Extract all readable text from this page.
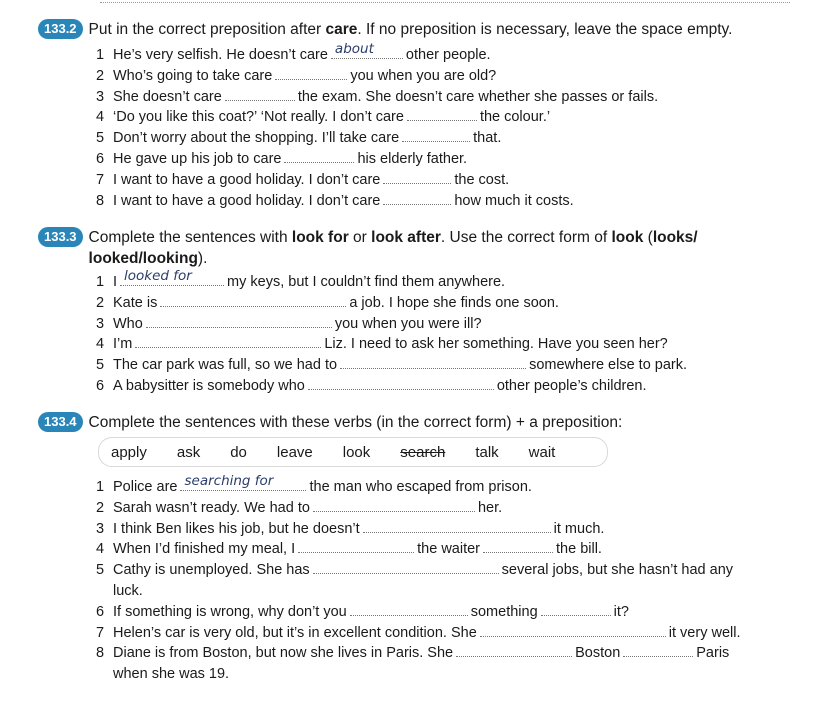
133.2 Put in the correct preposition after care. If no preposition is necessary, leave the space empty.
1 He’s very selfish. He doesn’t care about other people.
2 Who’s going to take care	you when you are old?
3 She doesn’t care	the exam. She doesn’t care whether she passes or fails.
4 ‘Do you like this coat?’ ‘Not really. I don’t care	the colour.’
5 Don’t worry about the shopping. I’ll take care	that.
6 He gave up his job to care	his elderly father.
7 I want to have a good holiday. I don’t care	the cost.
8 I want to have a good holiday. I don’t care	how much it costs.
133.3 Complete the sentences with look for or look after. Use the correct form of look (looks/ looked/looking).
1 I looked for my keys, but I couldn’t find them anywhere.
2 Kate is	a job. I hope she finds one soon.
3 Who	you when you were ill?
4 I’m	Liz. I need to ask her something. Have you seen her?
5 The car park was full, so we had to	somewhere else to park.
6 A babysitter is somebody who	other people’s children.
133.4 Complete the sentences with these verbs (in the correct form) + a preposition:
apply ask do leave look search talk wait
1 Police are searching for the man who escaped from prison.
2 Sarah wasn’t ready. We had to	her.
3 I think Ben likes his job, but he doesn’t	it much.
4 When I’d finished my meal, I	the waiter	the bill.
5 Cathy is unemployed. She has	several jobs, but she hasn’t had any
luck.
6 If something is wrong, why don’t you	something	it?
7 Helen’s car is very old, but it’s in excellent condition. She	it very well.
8 Diane is from Boston, but now she lives in Paris. She	Boston	Paris
when she was 19.
